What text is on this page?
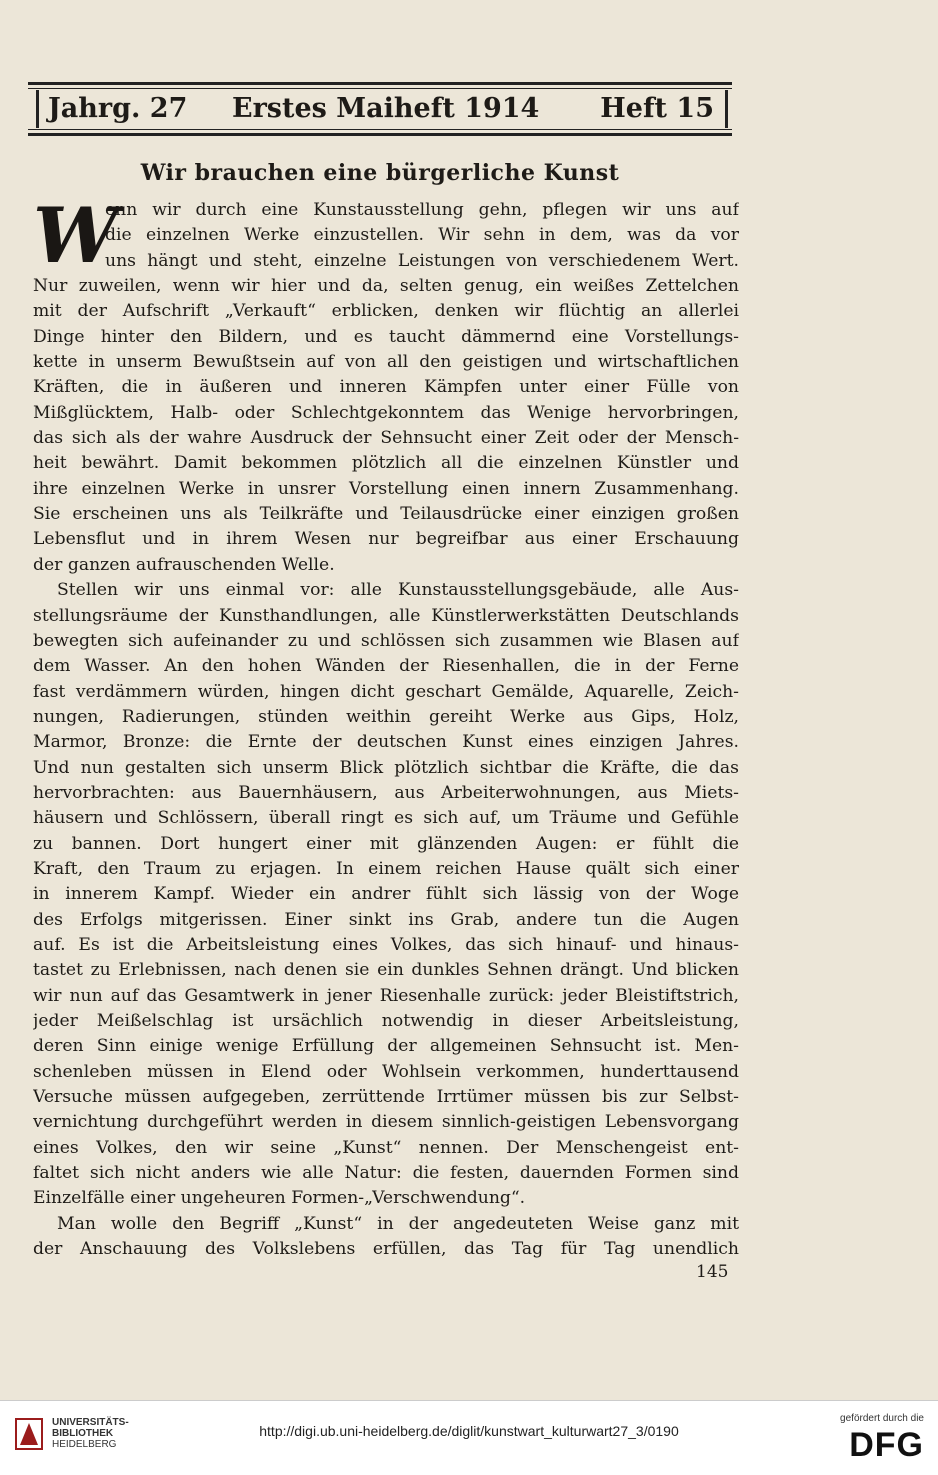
Jahrg. 27 Erstes Maiheft 1914 Heft 15
Wir brauchen eine bürgerliche Kunst
W
enn wir durch eine Kunstausstellung gehn, pflegen wir uns auf
die einzelnen Werke einzustellen. Wir sehn in dem, was da vor
uns hängt und steht, einzelne Leistungen von verschiedenem Wert.
Nur zuweilen, wenn wir hier und da, selten genug, ein weißes Zettelchen
mit der Aufschrift „Verkauft“ erblicken, denken wir flüchtig an allerlei
Dinge hinter den Bildern, und es taucht dämmernd eine Vorstellungs-
kette in unserm Bewußtsein auf von all den geistigen und wirtschaftlichen
Kräften, die in äußeren und inneren Kämpfen unter einer Fülle von
Mißglücktem, Halb- oder Schlechtgekonntem das Wenige hervorbringen,
das sich als der wahre Ausdruck der Sehnsucht einer Zeit oder der Mensch-
heit bewährt. Damit bekommen plötzlich all die einzelnen Künstler und
ihre einzelnen Werke in unsrer Vorstellung einen innern Zusammenhang.
Sie erscheinen uns als Teilkräfte und Teilausdrücke einer einzigen großen
Lebensflut und in ihrem Wesen nur begreifbar aus einer Erschauung
der ganzen aufrauschenden Welle.
Stellen wir uns einmal vor: alle Kunstausstellungsgebäude, alle Aus-
stellungsräume der Kunsthandlungen, alle Künstlerwerkstätten Deutschlands
bewegten sich aufeinander zu und schlössen sich zusammen wie Blasen auf
dem Wasser. An den hohen Wänden der Riesenhallen, die in der Ferne
fast verdämmern würden, hingen dicht geschart Gemälde, Aquarelle, Zeich-
nungen, Radierungen, stünden weithin gereiht Werke aus Gips, Holz,
Marmor, Bronze: die Ernte der deutschen Kunst eines einzigen Jahres.
Und nun gestalten sich unserm Blick plötzlich sichtbar die Kräfte, die das
hervorbrachten: aus Bauernhäusern, aus Arbeiterwohnungen, aus Miets-
häusern und Schlössern, überall ringt es sich auf, um Träume und Gefühle
zu bannen. Dort hungert einer mit glänzenden Augen: er fühlt die
Kraft, den Traum zu erjagen. In einem reichen Hause quält sich einer
in innerem Kampf. Wieder ein andrer fühlt sich lässig von der Woge
des Erfolgs mitgerissen. Einer sinkt ins Grab, andere tun die Augen
auf. Es ist die Arbeitsleistung eines Volkes, das sich hinauf- und hinaus-
tastet zu Erlebnissen, nach denen sie ein dunkles Sehnen drängt. Und blicken
wir nun auf das Gesamtwerk in jener Riesenhalle zurück: jeder Bleistiftstrich,
jeder Meißelschlag ist ursächlich notwendig in dieser Arbeitsleistung,
deren Sinn einige wenige Erfüllung der allgemeinen Sehnsucht ist. Men-
schenleben müssen in Elend oder Wohlsein verkommen, hunderttausend
Versuche müssen aufgegeben, zerrüttende Irrtümer müssen bis zur Selbst-
vernichtung durchgeführt werden in diesem sinnlich-geistigen Lebensvorgang
eines Volkes, den wir seine „Kunst“ nennen. Der Menschengeist ent-
faltet sich nicht anders wie alle Natur: die festen, dauernden Formen sind
Einzelfälle einer ungeheuren Formen-„Verschwendung“.
Man wolle den Begriff „Kunst“ in der angedeuteten Weise ganz mit
der Anschauung des Volkslebens erfüllen, das Tag für Tag unendlich
145
UNIVERSITÄTS-
BIBLIOTHEK
HEIDELBERG
http://digi.ub.uni-heidelberg.de/diglit/kunstwart_kulturwart27_3/0190
gefördert durch die
DFG
